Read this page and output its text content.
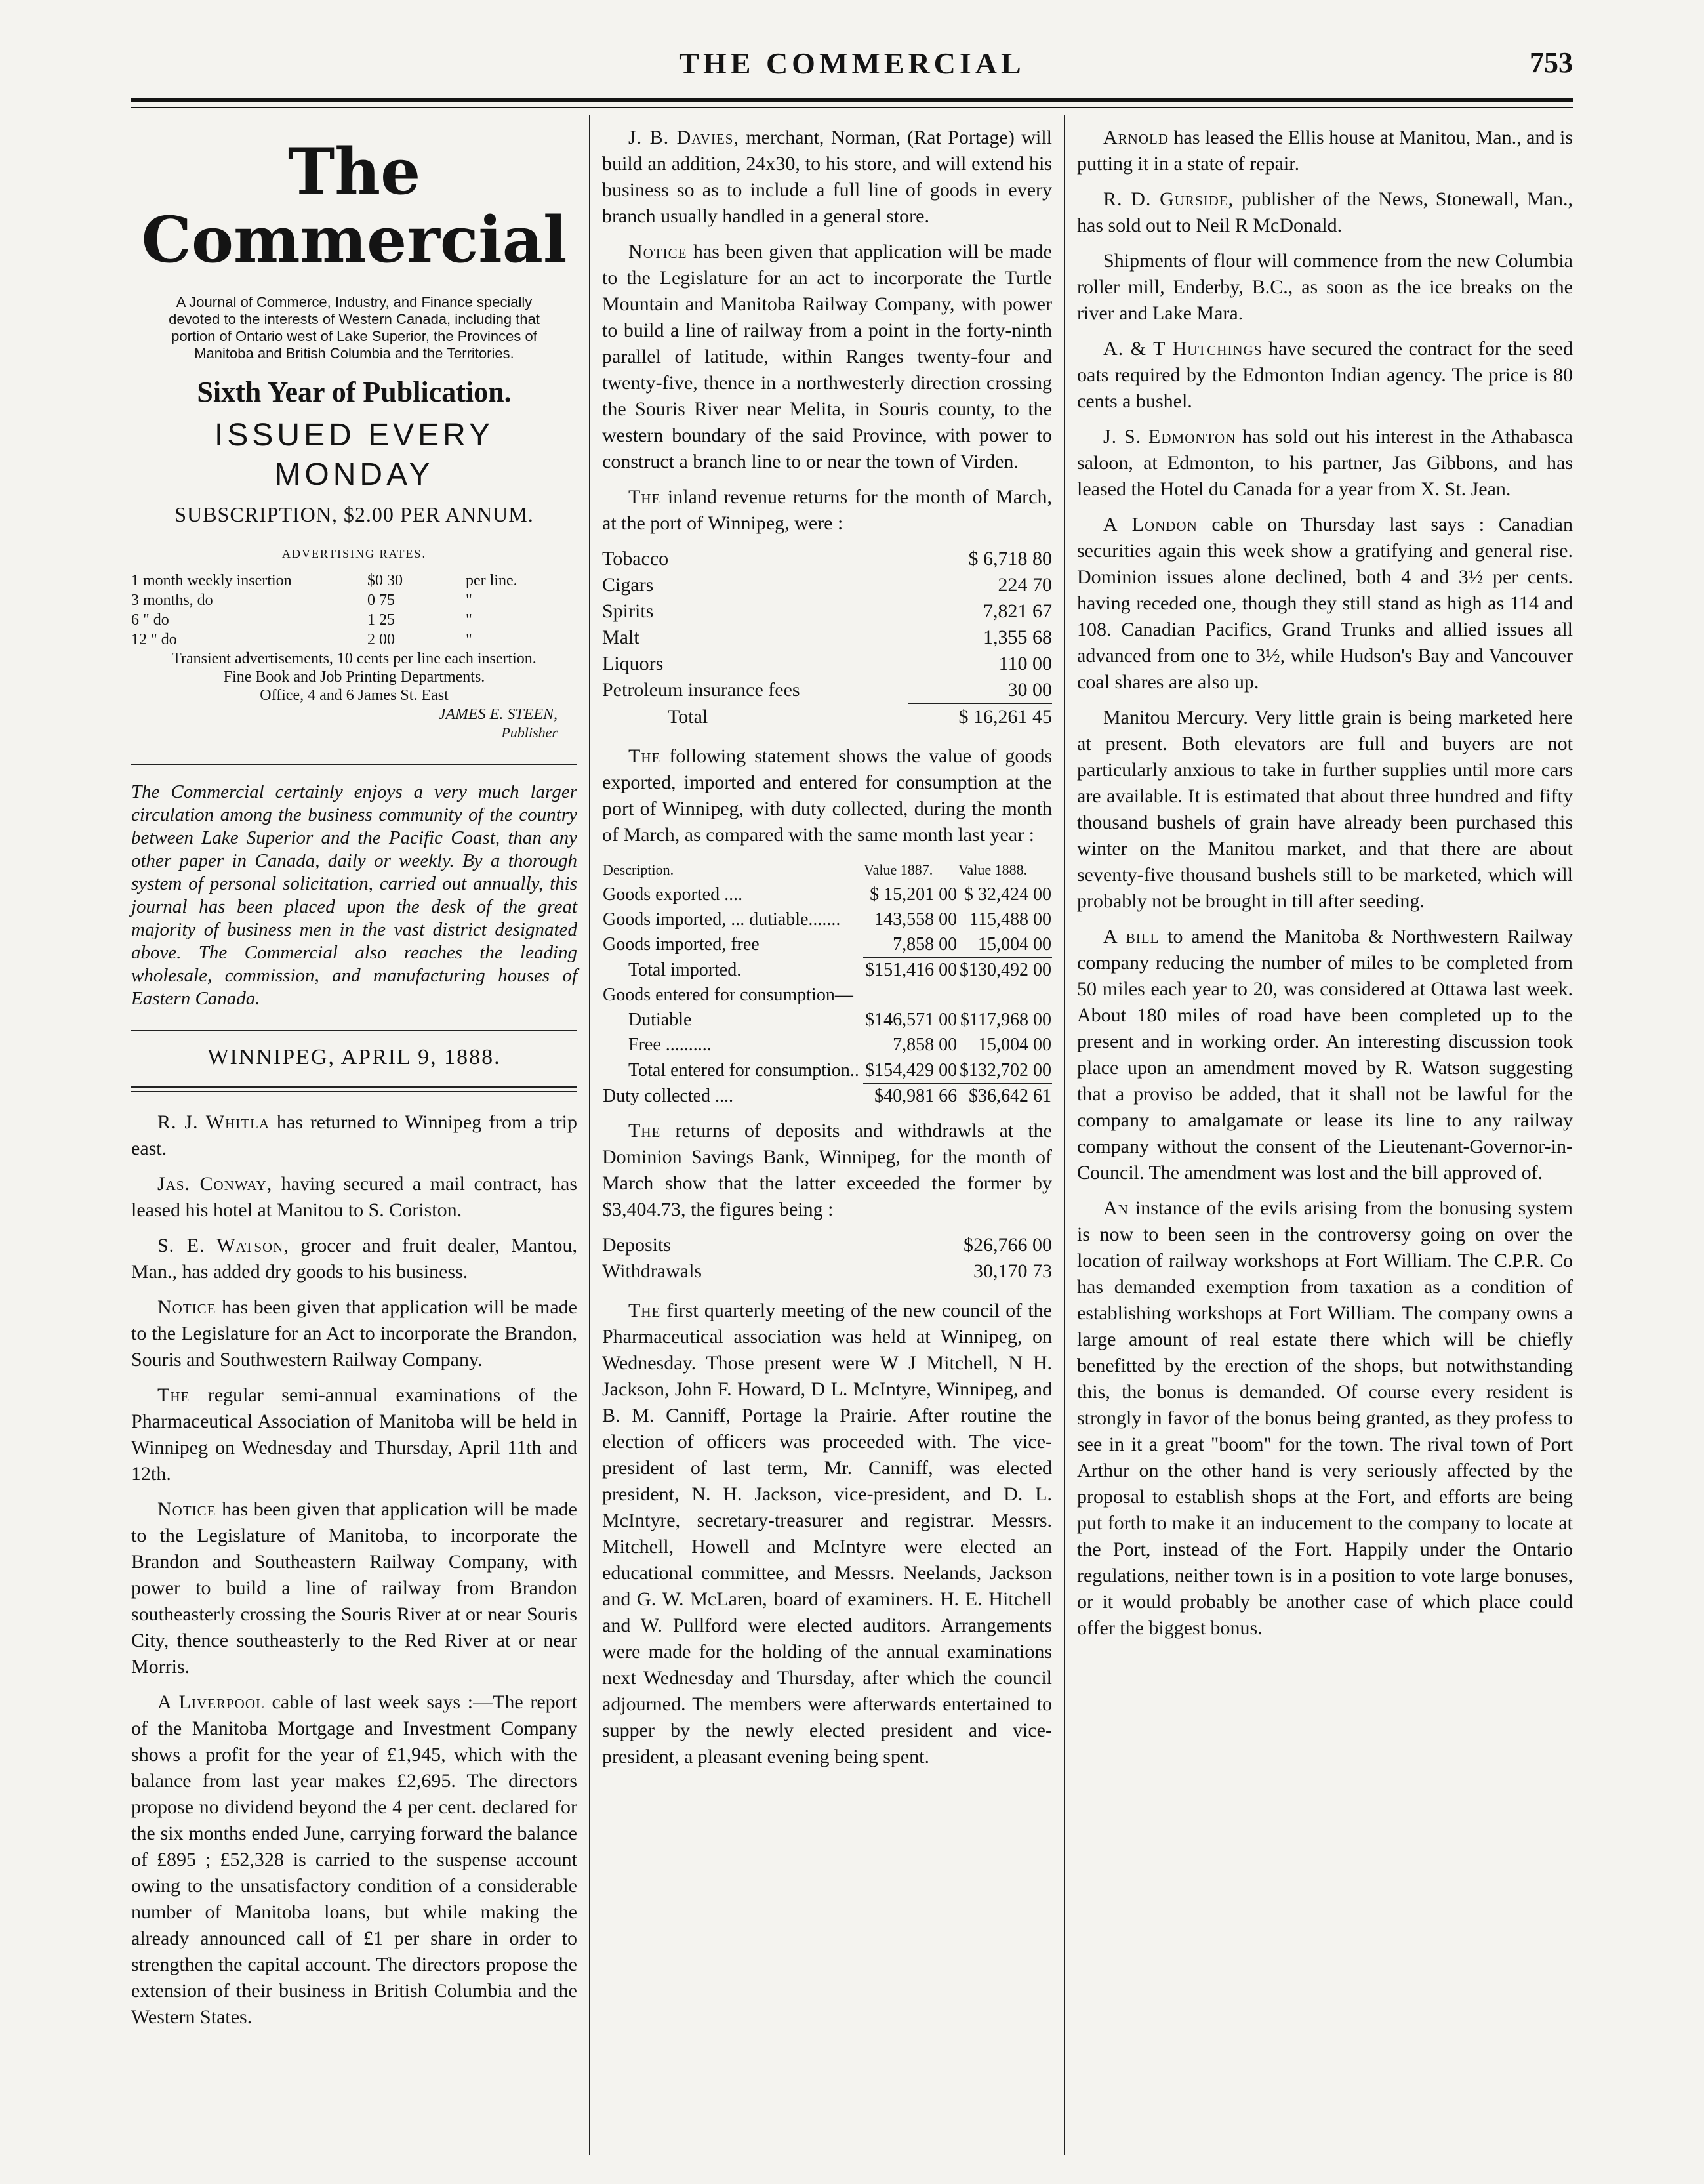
THE COMMERCIAL	753
The Commercial
A Journal of Commerce, Industry, and Finance specially devoted to the interests of Western Canada, including that portion of Ontario west of Lake Superior, the Provinces of Manitoba and British Columbia and the Territories.
Sixth Year of Publication.
ISSUED EVERY MONDAY
SUBSCRIPTION, $2.00 PER ANNUM.
ADVERTISING RATES.
1 month weekly insertion	$0 30	per line.
3 months, do	0 75	"
6 " do	1 25	"
12 " do	2 00	"
Transient advertisements, 10 cents per line each insertion.
Fine Book and Job Printing Departments.
Office, 4 and 6 James St. East
JAMES E. STEEN,
Publisher
The Commercial certainly enjoys a very much larger circulation among the business community of the country between Lake Superior and the Pacific Coast, than any other paper in Canada, daily or weekly. By a thorough system of personal solicitation, carried out annually, this journal has been placed upon the desk of the great majority of business men in the vast district designated above. The Commercial also reaches the leading wholesale, commission, and manufacturing houses of Eastern Canada.
WINNIPEG, APRIL 9, 1888.

R. J. Whitla has returned to Winnipeg from a trip east.

Jas. Conway, having secured a mail contract, has leased his hotel at Manitou to S. Coriston.

S. E. Watson, grocer and fruit dealer, Mantou, Man., has added dry goods to his business.

Notice has been given that application will be made to the Legislature for an Act to incorporate the Brandon, Souris and Southwestern Railway Company.

The regular semi-annual examinations of the Pharmaceutical Association of Manitoba will be held in Winnipeg on Wednesday and Thursday, April 11th and 12th.

Notice has been given that application will be made to the Legislature of Manitoba, to incorporate the Brandon and Southeastern Railway Company, with power to build a line of railway from Brandon southeasterly crossing the Souris River at or near Souris City, thence southeasterly to the Red River at or near Morris.

A Liverpool cable of last week says :—The report of the Manitoba Mortgage and Investment Company shows a profit for the year of £1,945, which with the balance from last year makes £2,695. The directors propose no dividend beyond the 4 per cent. declared for the six months ended June, carrying forward the balance of £895 ; £52,328 is carried to the suspense account owing to the unsatisfactory condition of a considerable number of Manitoba loans, but while making the already announced call of £1 per share in order to strengthen the capital account. The directors propose the extension of their business in British Columbia and the Western States.

J. B. Davies, merchant, Norman, (Rat Portage) will build an addition, 24x30, to his store, and will extend his business so as to include a full line of goods in every branch usually handled in a general store.

Notice has been given that application will be made to the Legislature for an act to incorporate the Turtle Mountain and Manitoba Railway Company, with power to build a line of railway from a point in the forty-ninth parallel of latitude, within Ranges twenty-four and twenty-five, thence in a northwesterly direction crossing the Souris River near Melita, in Souris county, to the western boundary of the said Province, with power to construct a branch line to or near the town of Virden.

The inland revenue returns for the month of March, at the port of Winnipeg, were :

Tobacco	$ 6,718 80
Cigars	224 70
Spirits	7,821 67
Malt	1,355 68
Liquors	110 00
Petroleum insurance fees	30 00
Total	$ 16,261 45

The following statement shows the value of goods exported, imported and entered for consumption at the port of Winnipeg, with duty collected, during the month of March, as compared with the same month last year :

Description.	Value 1887.	Value 1888.
Goods exported ....	$ 15,201 00	$ 32,424 00
Goods imported, ... dutiable.......	143,558 00	115,488 00
Goods imported, free	7,858 00	15,004 00
Total imported.	$151,416 00	$130,492 00
Goods entered for consumption—		
Dutiable	$146,571 00	$117,968 00
Free ..........	7,858 00	15,004 00
Total entered for consumption..	$154,429 00	$132,702 00
Duty collected ....	$40,981 66	$36,642 61

The returns of deposits and withdrawls at the Dominion Savings Bank, Winnipeg, for the month of March show that the latter exceeded the former by $3,404.73, the figures being :

Deposits	$26,766 00
Withdrawals	30,170 73

The first quarterly meeting of the new council of the Pharmaceutical association was held at Winnipeg, on Wednesday. Those present were W J Mitchell, N H. Jackson, John F. Howard, D L. McIntyre, Winnipeg, and B. M. Canniff, Portage la Prairie. After routine the election of officers was proceeded with. The vice-president of last term, Mr. Canniff, was elected president, N. H. Jackson, vice-president, and D. L. McIntyre, secretary-treasurer and registrar. Messrs. Mitchell, Howell and McIntyre were elected an educational committee, and Messrs. Neelands, Jackson and G. W. McLaren, board of examiners. H. E. Hitchell and W. Pullford were elected auditors. Arrangements were made for the holding of the annual examinations next Wednesday and Thursday, after which the council adjourned. The members were afterwards entertained to supper by the newly elected president and vice-president, a pleasant evening being spent.

Arnold has leased the Ellis house at Manitou, Man., and is putting it in a state of repair.

R. D. Gurside, publisher of the News, Stonewall, Man., has sold out to Neil R McDonald.

Shipments of flour will commence from the new Columbia roller mill, Enderby, B.C., as soon as the ice breaks on the river and Lake Mara.

A. & T Hutchings have secured the contract for the seed oats required by the Edmonton Indian agency. The price is 80 cents a bushel.

J. S. Edmonton has sold out his interest in the Athabasca saloon, at Edmonton, to his partner, Jas Gibbons, and has leased the Hotel du Canada for a year from X. St. Jean.

A London cable on Thursday last says : Canadian securities again this week show a gratifying and general rise. Dominion issues alone declined, both 4 and 3½ per cents. having receded one, though they still stand as high as 114 and 108. Canadian Pacifics, Grand Trunks and allied issues all advanced from one to 3½, while Hudson's Bay and Vancouver coal shares are also up.

Manitou Mercury. Very little grain is being marketed here at present. Both elevators are full and buyers are not particularly anxious to take in further supplies until more cars are available. It is estimated that about three hundred and fifty thousand bushels of grain have already been purchased this winter on the Manitou market, and that there are about seventy-five thousand bushels still to be marketed, which will probably not be brought in till after seeding.

A bill to amend the Manitoba & Northwestern Railway company reducing the number of miles to be completed from 50 miles each year to 20, was considered at Ottawa last week. About 180 miles of road have been completed up to the present and in working order. An interesting discussion took place upon an amendment moved by R. Watson suggesting that a proviso be added, that it shall not be lawful for the company to amalgamate or lease its line to any railway company without the consent of the Lieutenant-Governor-in-Council. The amendment was lost and the bill approved of.

An instance of the evils arising from the bonusing system is now to been seen in the controversy going on over the location of railway workshops at Fort William. The C.P.R. Co has demanded exemption from taxation as a condition of establishing workshops at Fort William. The company owns a large amount of real estate there which will be chiefly benefitted by the erection of the shops, but notwithstanding this, the bonus is demanded. Of course every resident is strongly in favor of the bonus being granted, as they profess to see in it a great "boom" for the town. The rival town of Port Arthur on the other hand is very seriously affected by the proposal to establish shops at the Fort, and efforts are being put forth to make it an inducement to the company to locate at the Port, instead of the Fort. Happily under the Ontario regulations, neither town is in a position to vote large bonuses, or it would probably be another case of which place could offer the biggest bonus.
